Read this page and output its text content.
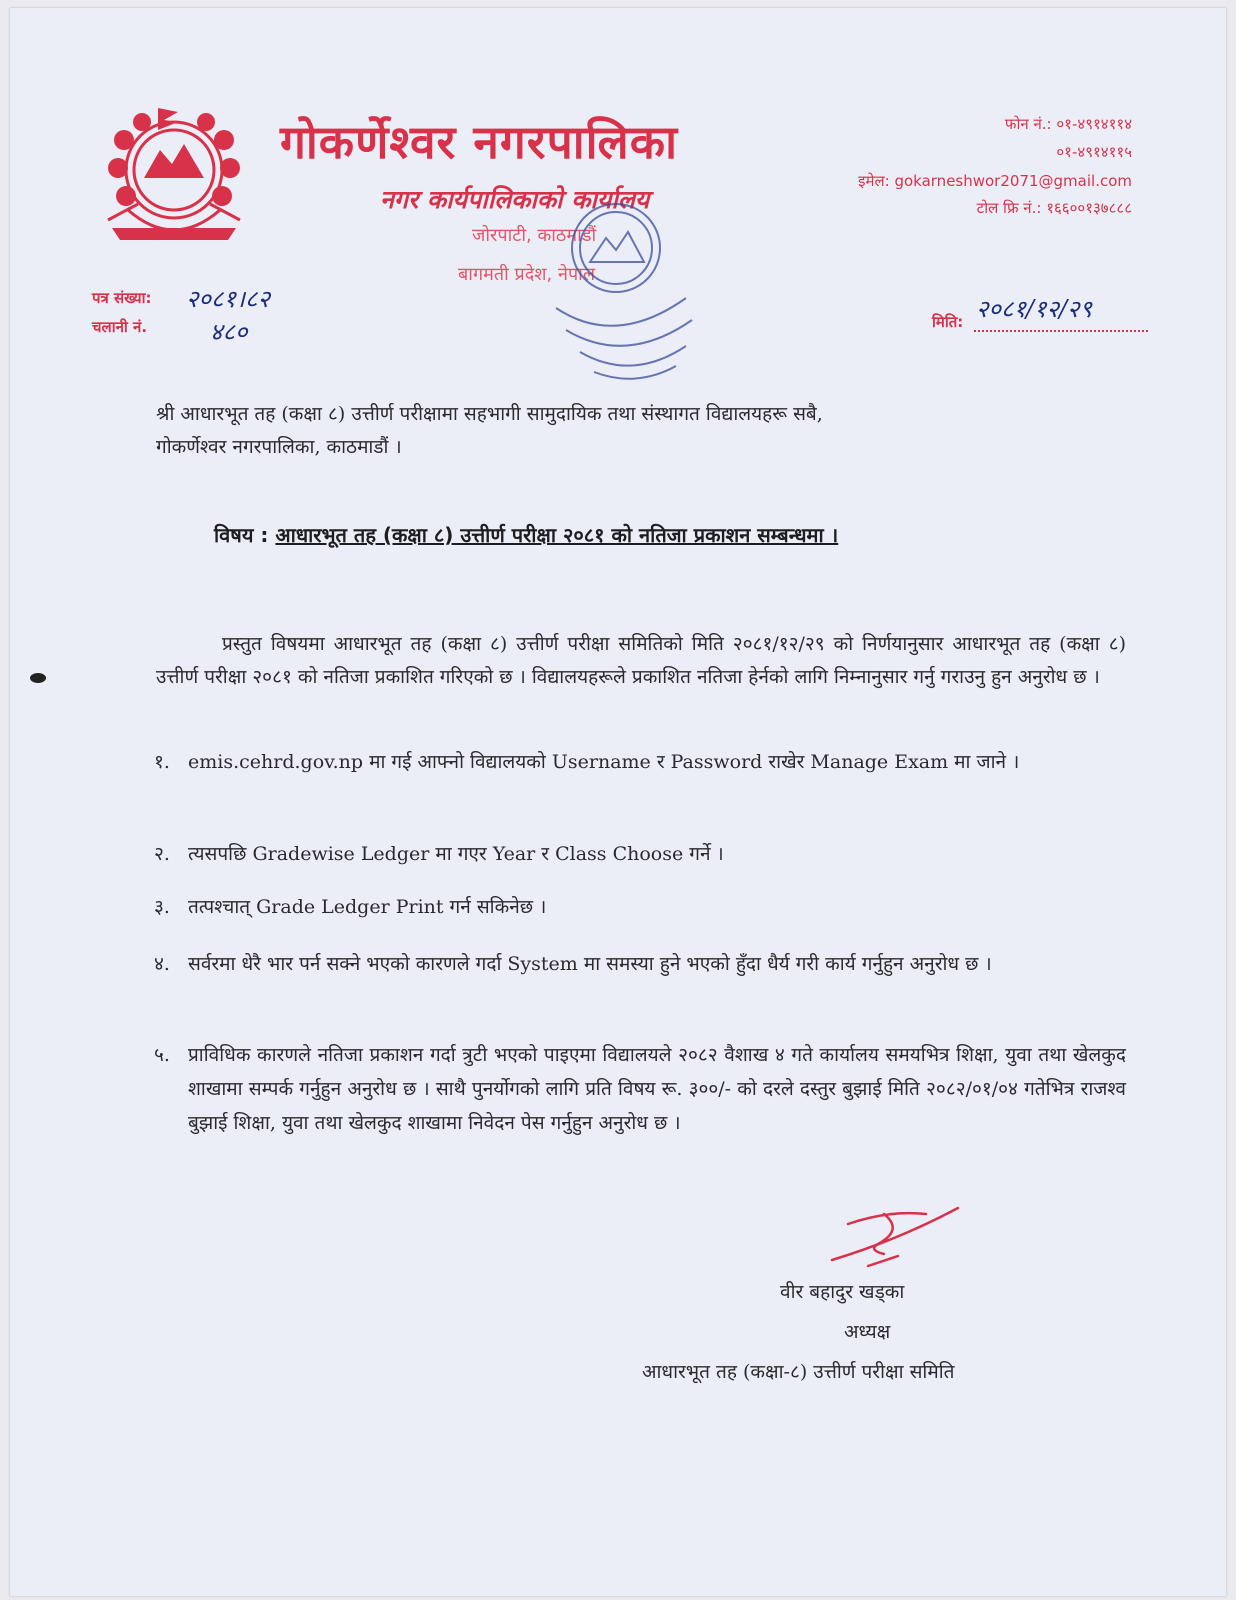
गोकर्णेश्वर नगरपालिका
नगर कार्यपालिकाको कार्यालय
जोरपाटी, काठमाडौं
बागमती प्रदेश, नेपाल
फोन नं.: ०१-४९१४११४
०१-४९१४११५
इमेल: gokarneshwor2071@gmail.com
टोल फ्रि नं.: १६६००१३७८८८
पत्र संख्या:
चलानी नं.
२०८१।८२
४८०	मिति: २०८१/१२/२९
श्री आधारभूत तह (कक्षा ८) उत्तीर्ण परीक्षामा सहभागी सामुदायिक तथा संस्थागत विद्यालयहरू सबै,
गोकर्णेश्वर नगरपालिका, काठमाडौं ।
विषय : आधारभूत तह (कक्षा ८) उत्तीर्ण परीक्षा २०८१ को नतिजा प्रकाशन सम्बन्धमा ।
प्रस्तुत विषयमा आधारभूत तह (कक्षा ८) उत्तीर्ण परीक्षा समितिको मिति २०८१/१२/२९ को निर्णयानुसार आधारभूत तह (कक्षा ८) उत्तीर्ण परीक्षा २०८१ को नतिजा प्रकाशित गरिएको छ । विद्यालयहरूले प्रकाशित नतिजा हेर्नको लागि निम्नानुसार गर्नु गराउनु हुन अनुरोध छ ।
१. emis.cehrd.gov.np मा गई आफ्नो विद्यालयको Username र Password राखेर Manage Exam मा जाने ।
२. त्यसपछि Gradewise Ledger मा गएर Year र Class Choose गर्ने ।
३. तत्पश्चात् Grade Ledger Print गर्न सकिनेछ ।
४. सर्वरमा धेरै भार पर्न सक्ने भएको कारणले गर्दा System मा समस्या हुने भएको हुँदा धैर्य गरी कार्य गर्नुहुन अनुरोध छ ।
५. प्राविधिक कारणले नतिजा प्रकाशन गर्दा त्रुटी भएको पाइएमा विद्यालयले २०८२ वैशाख ४ गते कार्यालय समयभित्र शिक्षा, युवा तथा खेलकुद शाखामा सम्पर्क गर्नुहुन अनुरोध छ । साथै पुनर्योगको लागि प्रति विषय रू. ३००/- को दरले दस्तुर बुझाई मिति २०८२/०१/०४ गतेभित्र राजश्व बुझाई शिक्षा, युवा तथा खेलकुद शाखामा निवेदन पेस गर्नुहुन अनुरोध छ ।
वीर बहादुर खड्का
अध्यक्ष
आधारभूत तह (कक्षा-८) उत्तीर्ण परीक्षा समिति
